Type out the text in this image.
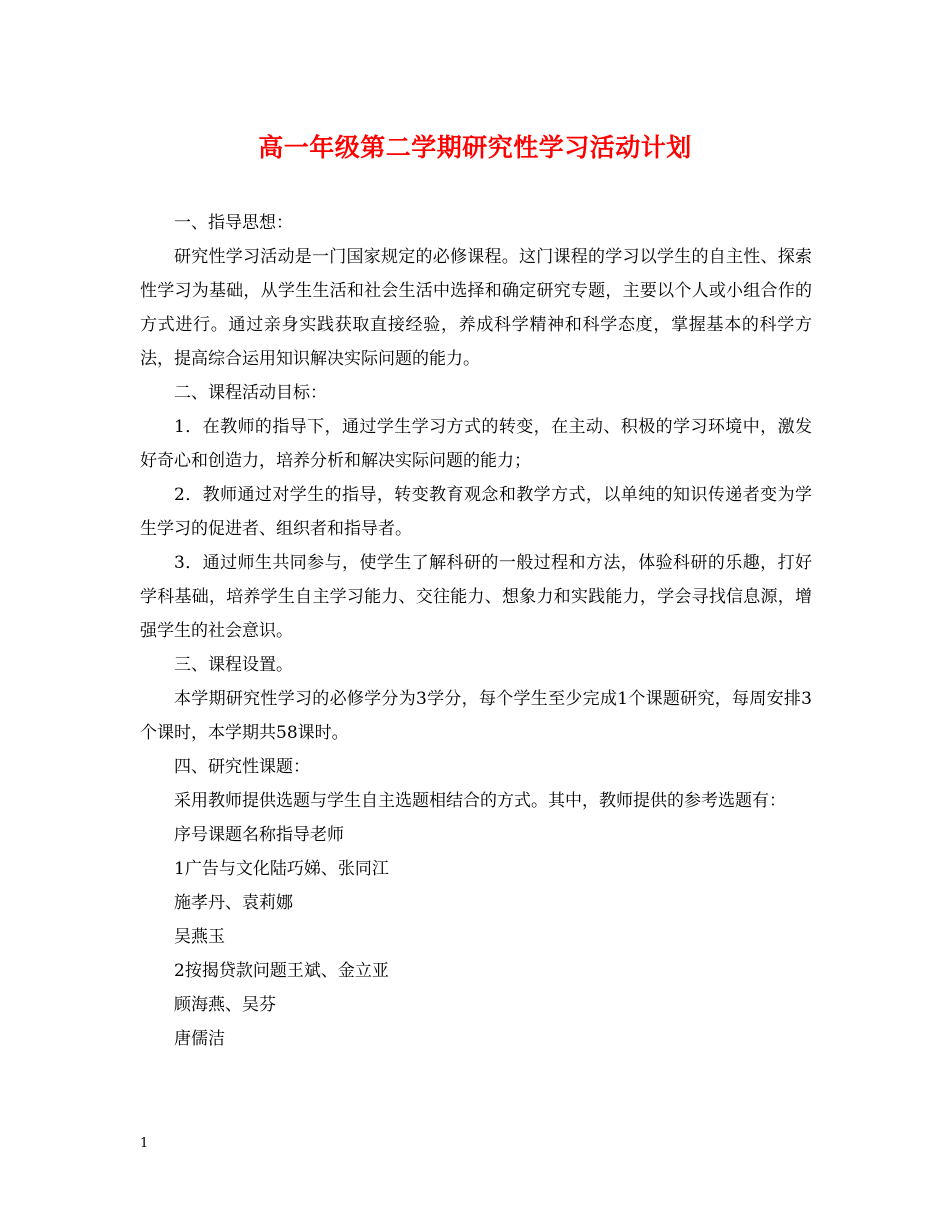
高一年级第二学期研究性学习活动计划

一、指导思想：

研究性学习活动是一门国家规定的必修课程。这门课程的学习以学生的自主性、探索性学习为基础，从学生生活和社会生活中选择和确定研究专题，主要以个人或小组合作的方式进行。通过亲身实践获取直接经验，养成科学精神和科学态度，掌握基本的科学方法，提高综合运用知识解决实际问题的能力。

二、课程活动目标：

1．在教师的指导下，通过学生学习方式的转变，在主动、积极的学习环境中，激发好奇心和创造力，培养分析和解决实际问题的能力；

2．教师通过对学生的指导，转变教育观念和教学方式，以单纯的知识传递者变为学生学习的促进者、组织者和指导者。

3．通过师生共同参与，使学生了解科研的一般过程和方法，体验科研的乐趣，打好学科基础，培养学生自主学习能力、交往能力、想象力和实践能力，学会寻找信息源，增强学生的社会意识。

三、课程设置。

本学期研究性学习的必修学分为3学分，每个学生至少完成1个课题研究，每周安排3个课时，本学期共58课时。

四、研究性课题：

采用教师提供选题与学生自主选题相结合的方式。其中，教师提供的参考选题有：

序号课题名称指导老师

1广告与文化陆巧娣、张同江

施孝丹、袁莉娜

吴燕玉

2按揭贷款问题王斌、金立亚

顾海燕、吴芬

唐儒洁

1
